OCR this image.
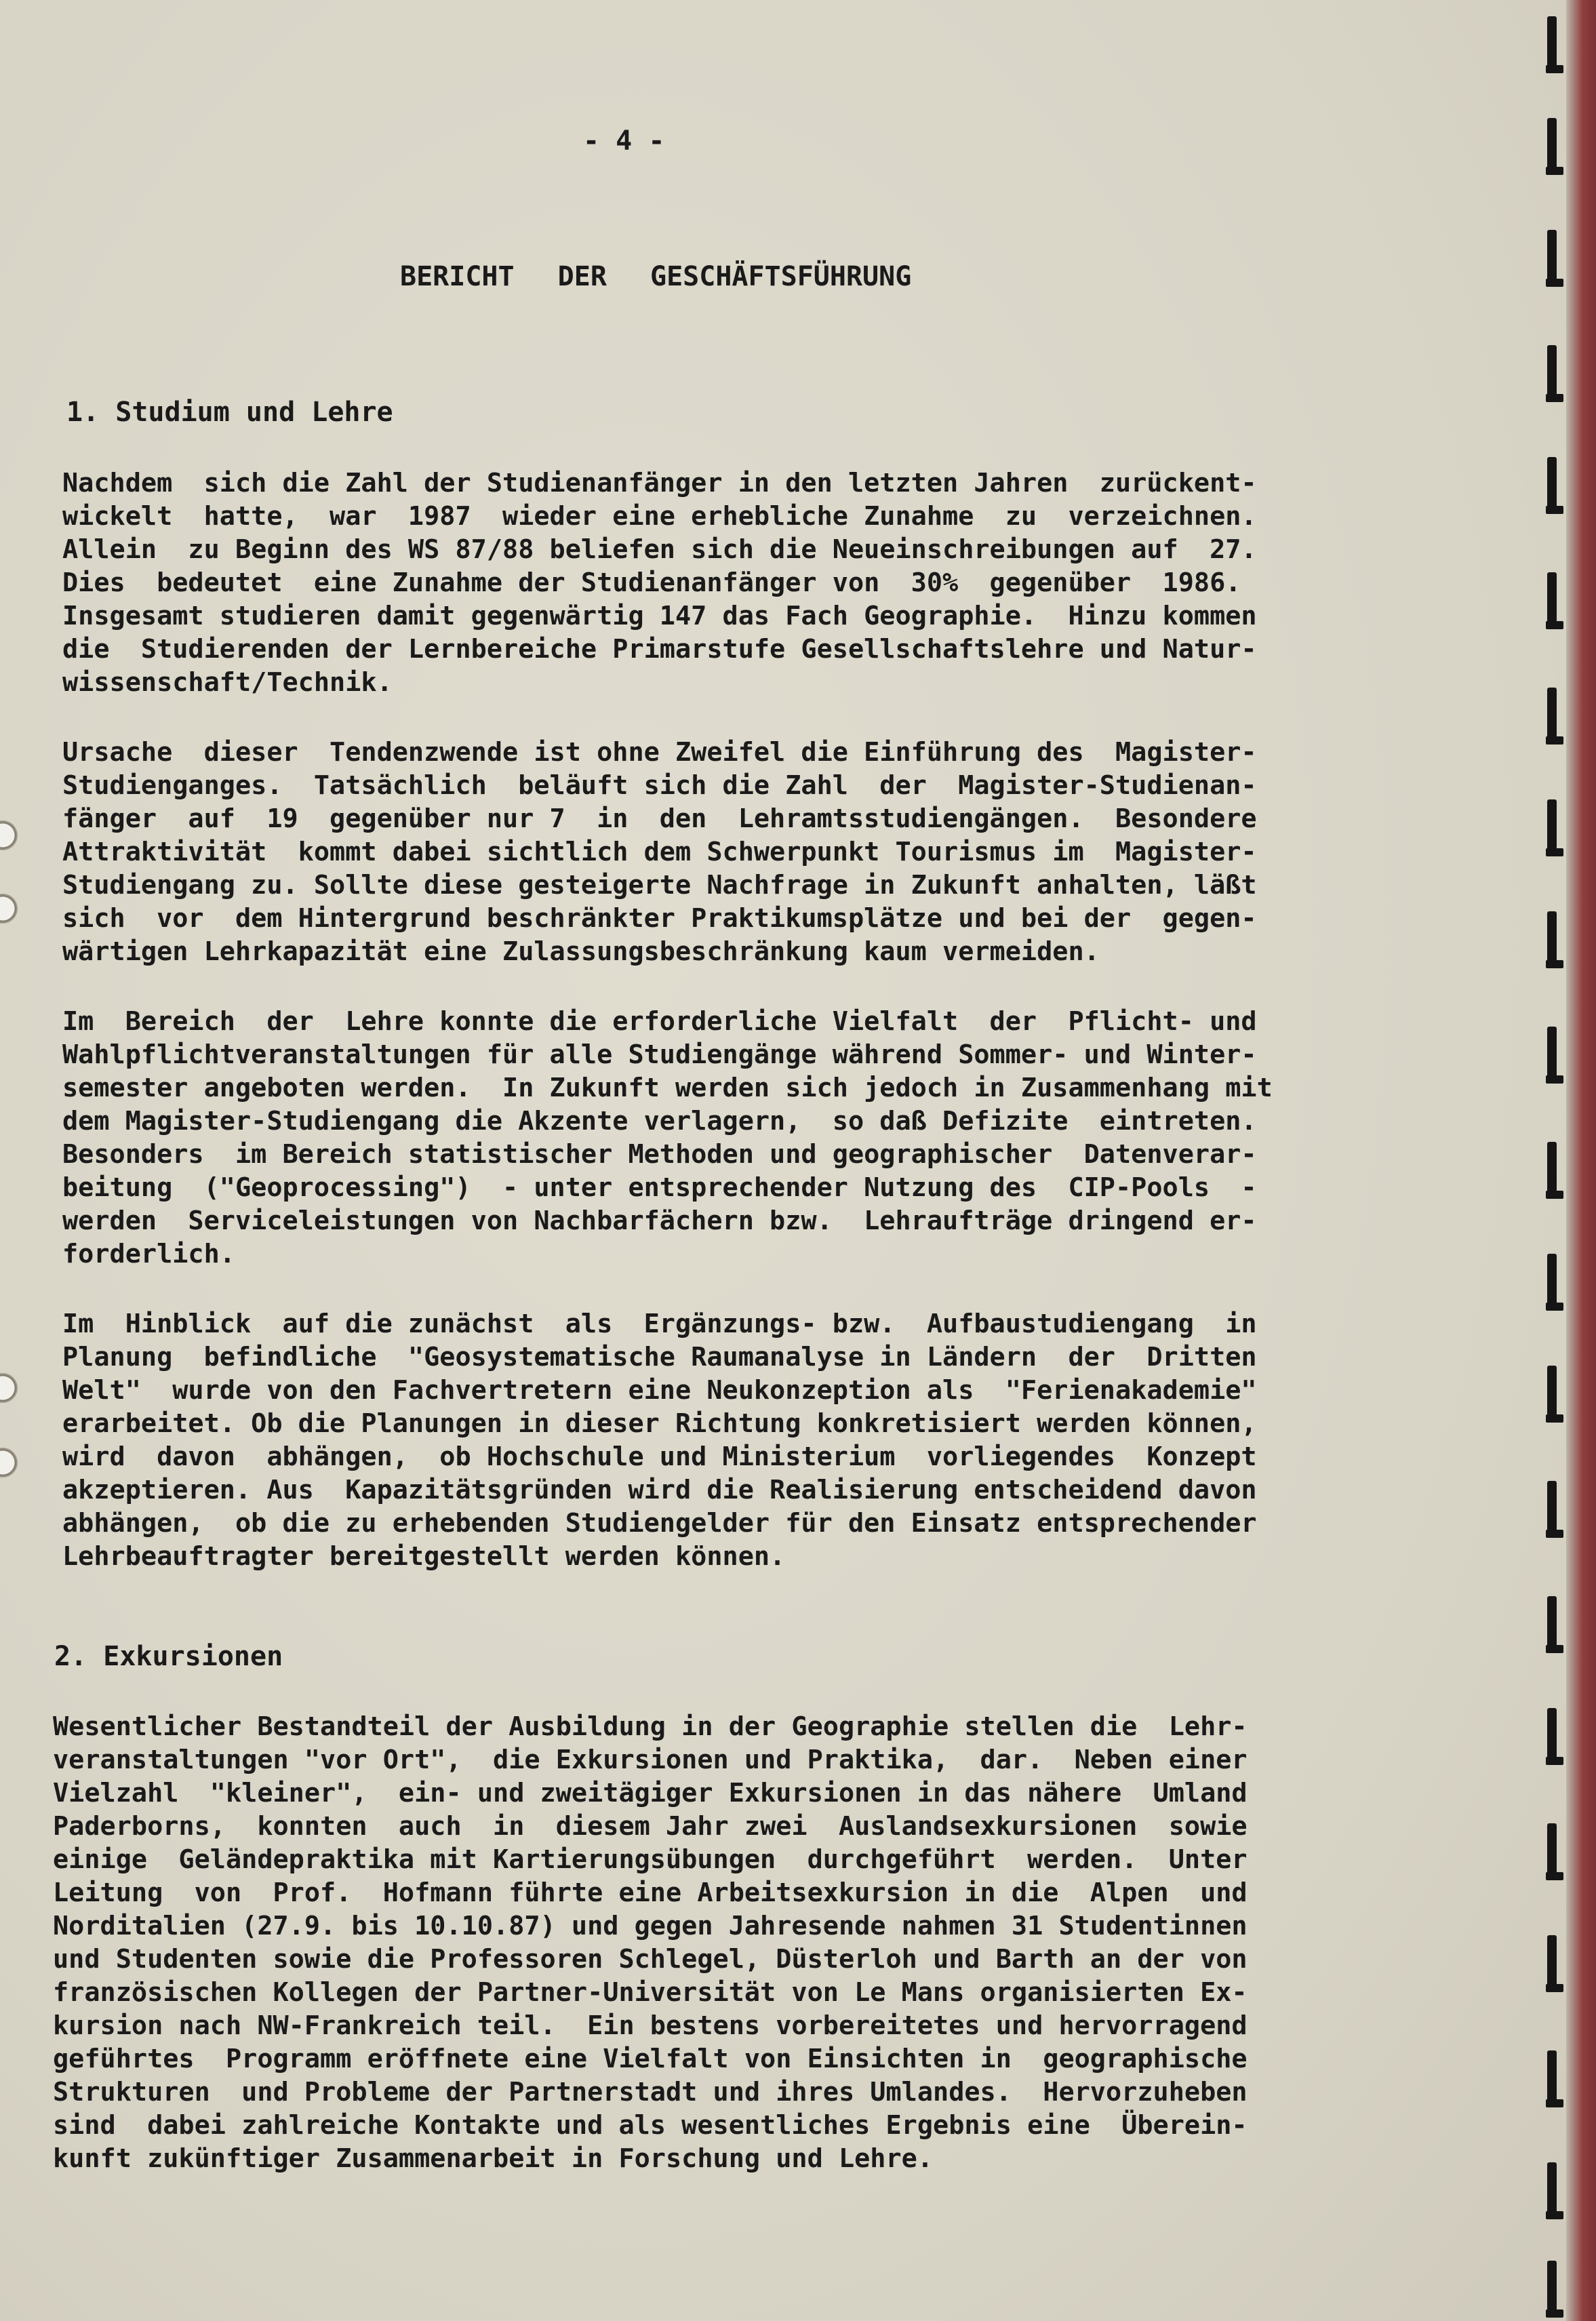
- 4 -
BERICHT DER GESCHÄFTSFÜHRUNG
1. Studium und Lehre

Nachdem  sich die Zahl der Studienanfänger in den letzten Jahren  zurückent-
wickelt  hatte,  war  1987  wieder eine erhebliche Zunahme  zu  verzeichnen.
Allein  zu Beginn des WS 87/88 beliefen sich die Neueinschreibungen auf  27.
Dies  bedeutet  eine Zunahme der Studienanfänger von  30%  gegenüber  1986.
Insgesamt studieren damit gegenwärtig 147 das Fach Geographie.  Hinzu kommen
die  Studierenden der Lernbereiche Primarstufe Gesellschaftslehre und Natur-
wissenschaft/Technik.

Ursache  dieser  Tendenzwende ist ohne Zweifel die Einführung des  Magister-
Studienganges.  Tatsächlich  beläuft sich die Zahl  der  Magister-Studienan-
fänger  auf  19  gegenüber nur 7  in  den  Lehramtsstudiengängen.  Besondere
Attraktivität  kommt dabei sichtlich dem Schwerpunkt Tourismus im  Magister-
Studiengang zu. Sollte diese gesteigerte Nachfrage in Zukunft anhalten, läßt
sich  vor  dem Hintergrund beschränkter Praktikumsplätze und bei der  gegen-
wärtigen Lehrkapazität eine Zulassungsbeschränkung kaum vermeiden.

Im  Bereich  der  Lehre konnte die erforderliche Vielfalt  der  Pflicht- und
Wahlpflichtveranstaltungen für alle Studiengänge während Sommer- und Winter-
semester angeboten werden.  In Zukunft werden sich jedoch in Zusammenhang mit
dem Magister-Studiengang die Akzente verlagern,  so daß Defizite  eintreten.
Besonders  im Bereich statistischer Methoden und geographischer  Datenverar-
beitung  ("Geoprocessing")  - unter entsprechender Nutzung des  CIP-Pools  -
werden  Serviceleistungen von Nachbarfächern bzw.  Lehraufträge dringend er-
forderlich.

Im  Hinblick  auf die zunächst  als  Ergänzungs- bzw.  Aufbaustudiengang  in
Planung  befindliche  "Geosystematische Raumanalyse in Ländern  der  Dritten
Welt"  wurde von den Fachvertretern eine Neukonzeption als  "Ferienakademie"
erarbeitet. Ob die Planungen in dieser Richtung konkretisiert werden können,
wird  davon  abhängen,  ob Hochschule und Ministerium  vorliegendes  Konzept
akzeptieren. Aus  Kapazitätsgründen wird die Realisierung entscheidend davon
abhängen,  ob die zu erhebenden Studiengelder für den Einsatz entsprechender
Lehrbeauftragter bereitgestellt werden können.

2. Exkursionen

Wesentlicher Bestandteil der Ausbildung in der Geographie stellen die  Lehr-
veranstaltungen "vor Ort",  die Exkursionen und Praktika,  dar.  Neben einer
Vielzahl  "kleiner",  ein- und zweitägiger Exkursionen in das nähere  Umland
Paderborns,  konnten  auch  in  diesem Jahr zwei  Auslandsexkursionen  sowie
einige  Geländepraktika mit Kartierungsübungen  durchgeführt  werden.  Unter
Leitung  von  Prof.  Hofmann führte eine Arbeitsexkursion in die  Alpen  und
Norditalien (27.9. bis 10.10.87) und gegen Jahresende nahmen 31 Studentinnen
und Studenten sowie die Professoren Schlegel, Düsterloh und Barth an der von
französischen Kollegen der Partner-Universität von Le Mans organisierten Ex-
kursion nach NW-Frankreich teil.  Ein bestens vorbereitetes und hervorragend
geführtes  Programm eröffnete eine Vielfalt von Einsichten in  geographische
Strukturen  und Probleme der Partnerstadt und ihres Umlandes.  Hervorzuheben
sind  dabei zahlreiche Kontakte und als wesentliches Ergebnis eine  Überein-
kunft zukünftiger Zusammenarbeit in Forschung und Lehre.
